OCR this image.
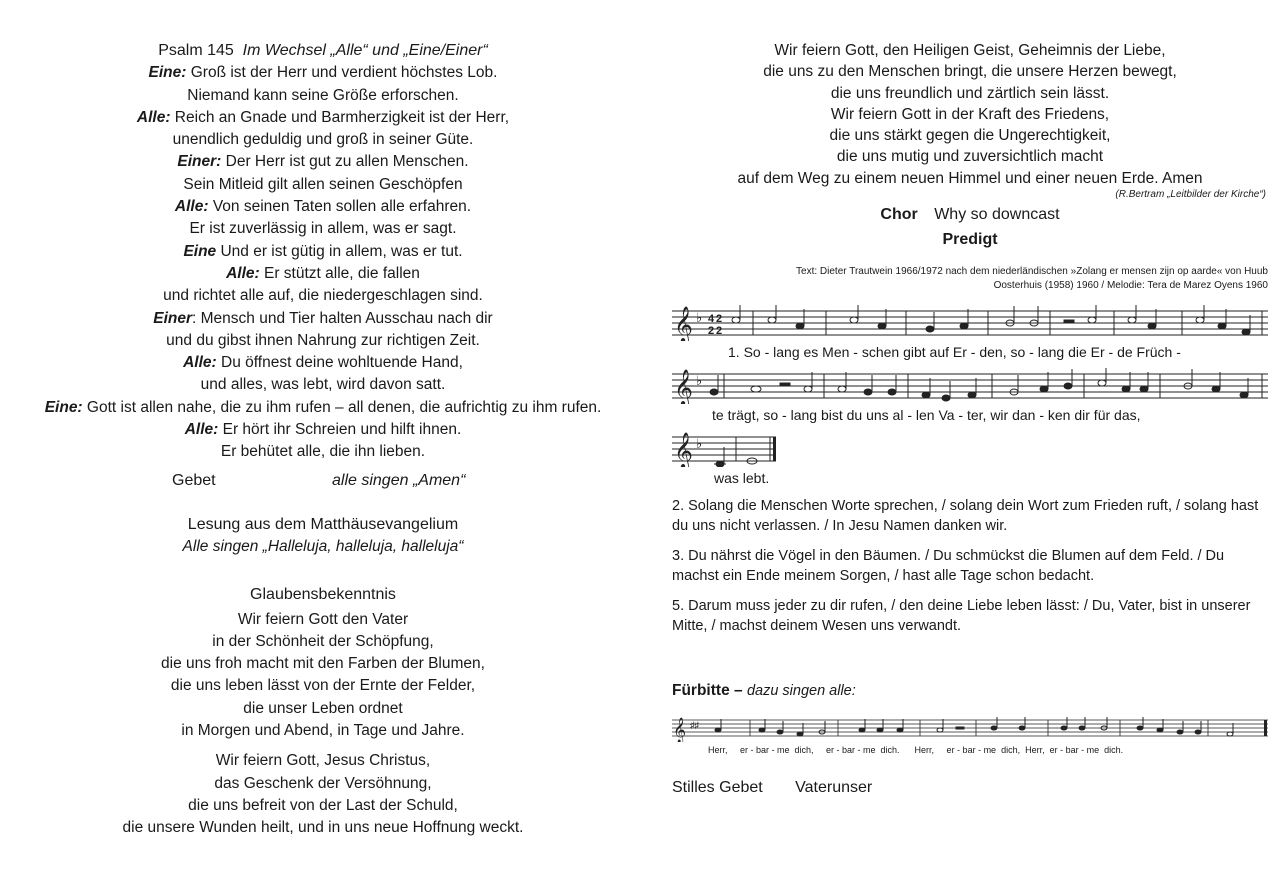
Psalm 145 Im Wechsel „Alle“ und „Eine/Einer“
Eine: Groß ist der Herr und verdient höchstes Lob.
Niemand kann seine Größe erforschen.
Alle: Reich an Gnade und Barmherzigkeit ist der Herr,
unendlich geduldig und groß in seiner Güte.
Einer: Der Herr ist gut zu allen Menschen.
Sein Mitleid gilt allen seinen Geschöpfen
Alle: Von seinen Taten sollen alle erfahren.
Er ist zuverlässig in allem, was er sagt.
Eine Und er ist gütig in allem, was er tut.
Alle: Er stützt alle, die fallen
und richtet alle auf, die niedergeschlagen sind.
Einer: Mensch und Tier halten Ausschau nach dir
und du gibst ihnen Nahrung zur richtigen Zeit.
Alle: Du öffnest deine wohltuende Hand,
und alles, was lebt, wird davon satt.
Eine: Gott ist allen nahe, die zu ihm rufen – all denen, die aufrichtig zu ihm rufen.
Alle: Er hört ihr Schreien und hilft ihnen.
Er behütet alle, die ihn lieben.
Gebet	alle singen „Amen“
Lesung aus dem Matthäusevangelium
Alle singen „Halleluja, halleluja, halleluja“
Glaubensbekenntnis
Wir feiern Gott den Vater
in der Schönheit der Schöpfung,
die uns froh macht mit den Farben der Blumen,
die uns leben lässt von der Ernte der Felder,
die unser Leben ordnet
in Morgen und Abend, in Tage und Jahre.
Wir feiern Gott, Jesus Christus,
das Geschenk der Versöhnung,
die uns befreit von der Last der Schuld,
die unsere Wunden heilt, und in uns neue Hoffnung weckt.
Wir feiern Gott, den Heiligen Geist, Geheimnis der Liebe,
die uns zu den Menschen bringt, die unsere Herzen bewegt,
die uns freundlich und zärtlich sein lässt.
Wir feiern Gott in der Kraft des Friedens,
die uns stärkt gegen die Ungerechtigkeit,
die uns mutig und zuversichtlich macht
auf dem Weg zu einem neuen Himmel und einer neuen Erde. Amen
(R.Bertram „Leitbilder der Kirche“)
Chor Why so downcast
Predigt
Text: Dieter Trautwein 1966/1972 nach dem niederländischen »Zolang er mensen zijn op aarde« von Huub
Oosterhuis (1958) 1960 / Melodie: Tera de Marez Oyens 1960
𝄞 ♭ 4
2
2
2
1. So - lang es Men - schen gibt auf Er - den, so - lang die Er - de Früch -
𝄞 ♭
te trägt, so - lang bist du uns al - len Va - ter, wir dan - ken dir für das,
𝄞 ♭
was lebt.
2. Solang die Menschen Worte sprechen, / solang dein Wort zum Frieden ruft, / solang hast du uns nicht verlassen. / In Jesu Namen danken wir.
3. Du nährst die Vögel in den Bäumen. / Du schmückst die Blumen auf dem Feld. / Du machst ein Ende meinem Sorgen, / hast alle Tage schon bedacht.
5. Darum muss jeder zu dir rufen, / den deine Liebe leben lässt: / Du, Vater, bist in unserer Mitte, / machst deinem Wesen uns verwandt.
Fürbitte – dazu singen alle:
𝄞 ♯♯
Herr,     er - bar - me  dich,     er - bar - me  dich.      Herr,     er - bar - me  dich,  Herr,  er - bar - me  dich.
Stilles Gebet Vaterunser
